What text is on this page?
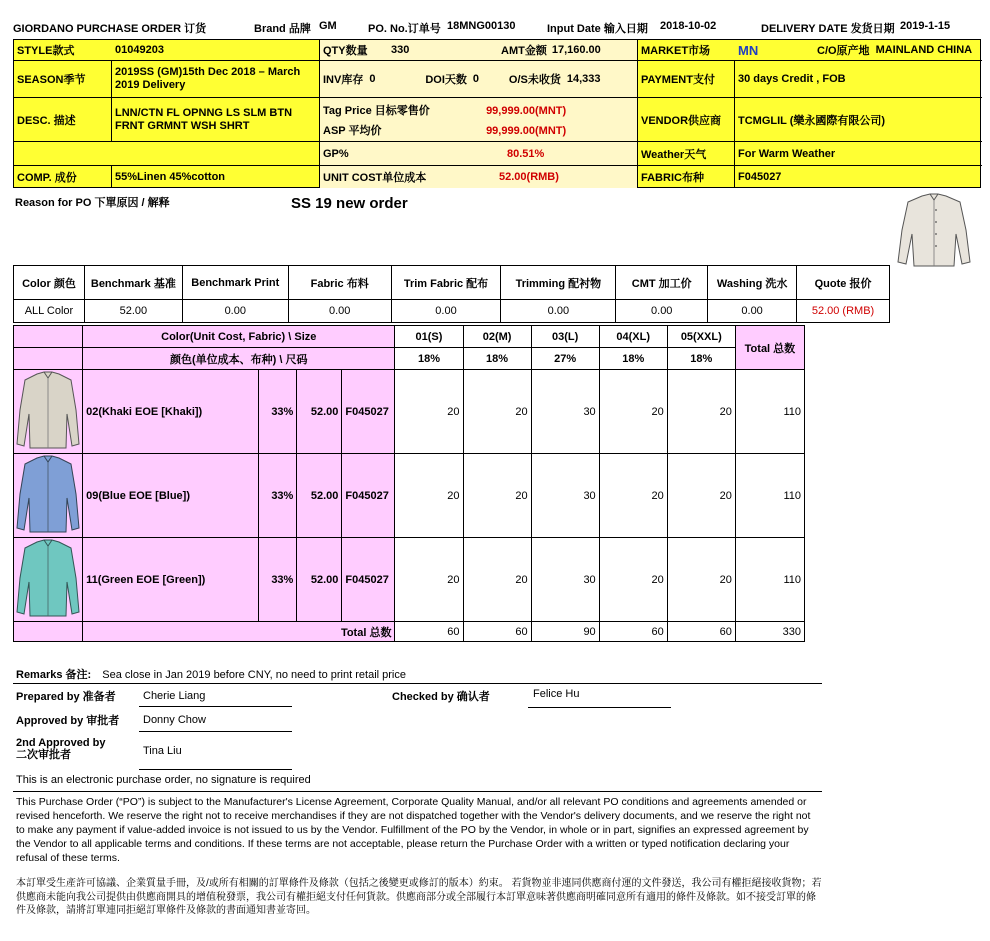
GIORDANO PURCHASE ORDER 订货	Brand 品牌 GM	PO. No.订单号 18MNG00130	Input Date 输入日期 2018-10-02	DELIVERY DATE 发货日期 2019-1-15
STYLE款式	01049203	QTY数量	330	AMT金额 17,160.00	MARKET市场	MN	C/O原产地 MAINLAND CHINA
SEASON季节
2019SS (GM)15th Dec 2018 – March 2019 Delivery	INV库存 0	DOI天数 0	O/S未收货 14,333	PAYMENT支付	30 days Credit , FOB
DESC. 描述
LNN/CTN FL OPNNG LS SLM BTN FRNT GRMNT WSH SHRT
Tag Price 目标零售价	99,999.00(MNT)
ASP 平均价	99,999.00(MNT)
VENDOR供应商	TCMGLIL (樂永國際有限公司)
GP%	80.51%	Weather天气	For Warm Weather
COMP. 成份	55%Linen 45%cotton	UNIT COST单位成本	52.00(RMB)	FABRIC布种	F045027
Reason for PO 下單原因 / 解释	SS 19 new order
Color 颜色	Benchmark 基准	Benchmark Print	Fabric 布料	Trim Fabric 配布	Trimming 配衬物	CMT 加工价	Washing 洗水	Quote 报价
ALL Color	52.00	0.00	0.00	0.00	0.00	0.00	0.00	52.00 (RMB)
	Color(Unit Cost, Fabric) \ Size				01(S)	02(M)	03(L)	04(XL)	05(XXL)	Total 总数
	颜色(单位成本、布种) \ 尺码				18%	18%	27%	18%	18%	
	02(Khaki EOE [Khaki])	33%	52.00	F045027	20	20	30	20	20	110
	09(Blue EOE [Blue])	33%	52.00	F045027	20	20	30	20	20	110
	11(Green EOE [Green])	33%	52.00	F045027	20	20	30	20	20	110
	Total 总数				60	60	90	60	60	330
Remarks 备注: Sea close in Jan 2019 before CNY, no need to print retail price
Prepared by 准备者 Cherie Liang	Checked by 确认者	Felice Hu
Approved by 审批者 Donny Chow
2nd Approved by
二次审批者	Tina Liu
This is an electronic purchase order, no signature is required
This Purchase Order (“PO”) is subject to the Manufacturer's License Agreement, Corporate Quality Manual, and/or all relevant PO conditions and agreements amended or revised henceforth. We reserve the right not to receive merchandises if they are not dispatched together with the Vendor's delivery documents, and we reserve the right not to make any payment if value-added invoice is not issued to us by the Vendor. Fulfillment of the PO by the Vendor, in whole or in part, signifies an expressed agreement by the Vendor to all applicable terms and conditions. If these terms are not acceptable, please return the Purchase Order with a written or typed notification declaring your refusal of these terms.
本訂單受生產許可協議、企業質量手冊，及/或所有相關的訂單條件及條款（包括之後變更或修訂的版本）約束。 若貨物並非連同供應商付運的文件發送，我公司有權拒絕接收貨物；若供應商未能向我公司提供由供應商開具的增值稅發票，我公司有權拒絕支付任何貨款。供應商部分或全部履行本訂單意味著供應商明確同意所有適用的條件及條款。如不接受訂單的條件及條款，請將訂單連同拒絕訂單條件及條款的書面通知書並寄回。
